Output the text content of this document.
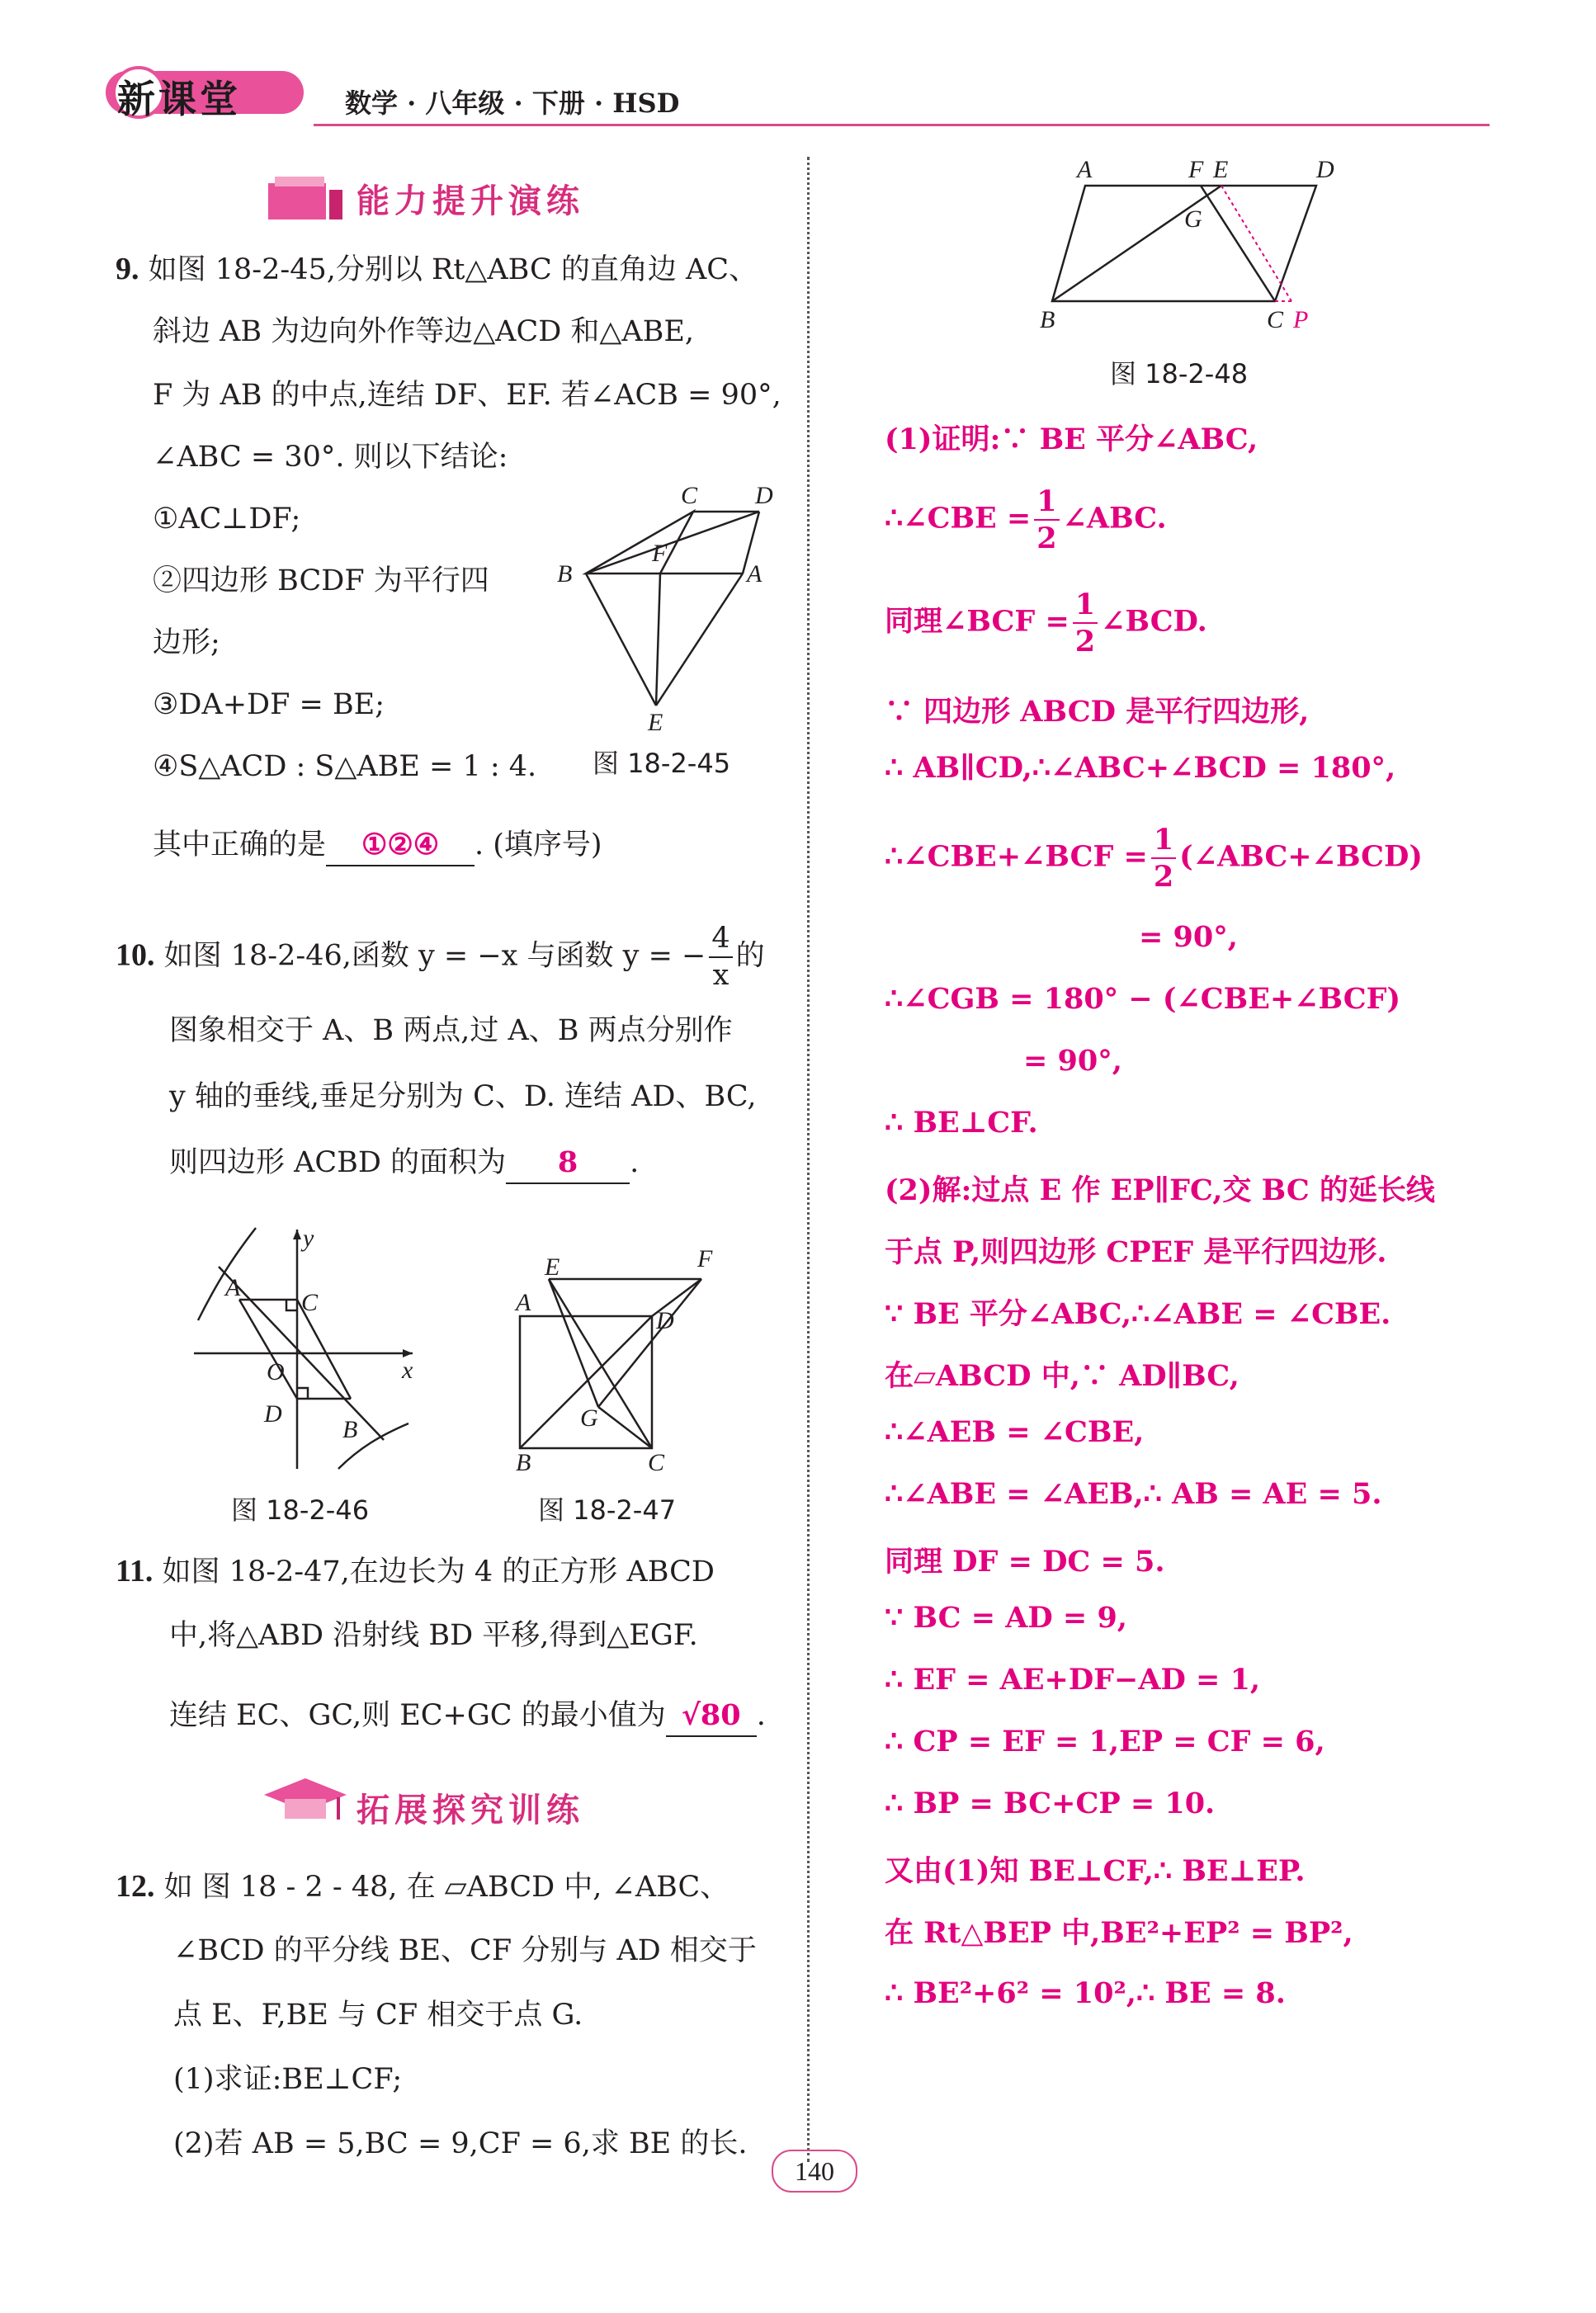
新课堂	数学 · 八年级 · 下册 · HSD
能力提升演练
9. 如图 18-2-45,分别以 Rt△ABC 的直角边 AC、
斜边 AB 为边向外作等边△ACD 和△ABE,
F 为 AB 的中点,连结 DF、EF. 若∠ACB = 90°,
∠ABC = 30°. 则以下结论:
①AC⊥DF;
②四边形 BCDF 为平行四
边形;
③DA+DF = BE;
④S△ACD : S△ABE = 1 : 4.
其中正确的是 ①②④ . (填序号)
C D
B
F
A
E
图 18-2-45
10. 如图 18-2-46,函数 y = −x 与函数 y = − $\frac{4}{x}$ 的
图象相交于 A、B 两点,过 A、B 两点分别作
y 轴的垂线,垂足分别为 C、D. 连结 AD、BC,
则四边形 ACBD 的面积为 8 .
A
y
C
x
O
D
B
图 18-2-46
E	F
A
D
G
B	C
图 18-2-47
11. 如图 18-2-47,在边长为 4 的正方形 ABCD
中,将△ABD 沿射线 BD 平移,得到△EGF.
连结 EC、GC,则 EC+GC 的最小值为 √80 .
拓展探究训练
12. 如 图 18 - 2 - 48, 在 ▱ABCD 中, ∠ABC、
∠BCD 的平分线 BE、CF 分别与 AD 相交于
点 E、F,BE 与 CF 相交于点 G.
(1)求证:BE⊥CF;
(2)若 AB = 5,BC = 9,CF = 6,求 BE 的长.
A	F E	D
G
B	C P
图 18-2-48
(1)证明:∵ BE 平分∠ABC,
∴∠CBE = $\frac{1}{2}$ ∠ABC.
同理∠BCF = $\frac{1}{2}$ ∠BCD.
∵ 四边形 ABCD 是平行四边形,
∴ AB∥CD,∴∠ABC+∠BCD = 180°,
∴∠CBE+∠BCF = $\frac{1}{2}$ (∠ABC+∠BCD)
= 90°,
∴∠CGB = 180° − (∠CBE+∠BCF)
= 90°,
∴ BE⊥CF.
(2)解:过点 E 作 EP∥FC,交 BC 的延长线
于点 P,则四边形 CPEF 是平行四边形.
∵ BE 平分∠ABC,∴∠ABE = ∠CBE.
在▱ABCD 中,∵ AD∥BC,
∴∠AEB = ∠CBE,
∴∠ABE = ∠AEB,∴ AB = AE = 5.
同理 DF = DC = 5.
∵ BC = AD = 9,
∴ EF = AE+DF−AD = 1,
∴ CP = EF = 1,EP = CF = 6,
∴ BP = BC+CP = 10.
又由(1)知 BE⊥CF,∴ BE⊥EP.
在 Rt△BEP 中,BE²+EP² = BP²,
∴ BE²+6² = 10²,∴ BE = 8.
140
